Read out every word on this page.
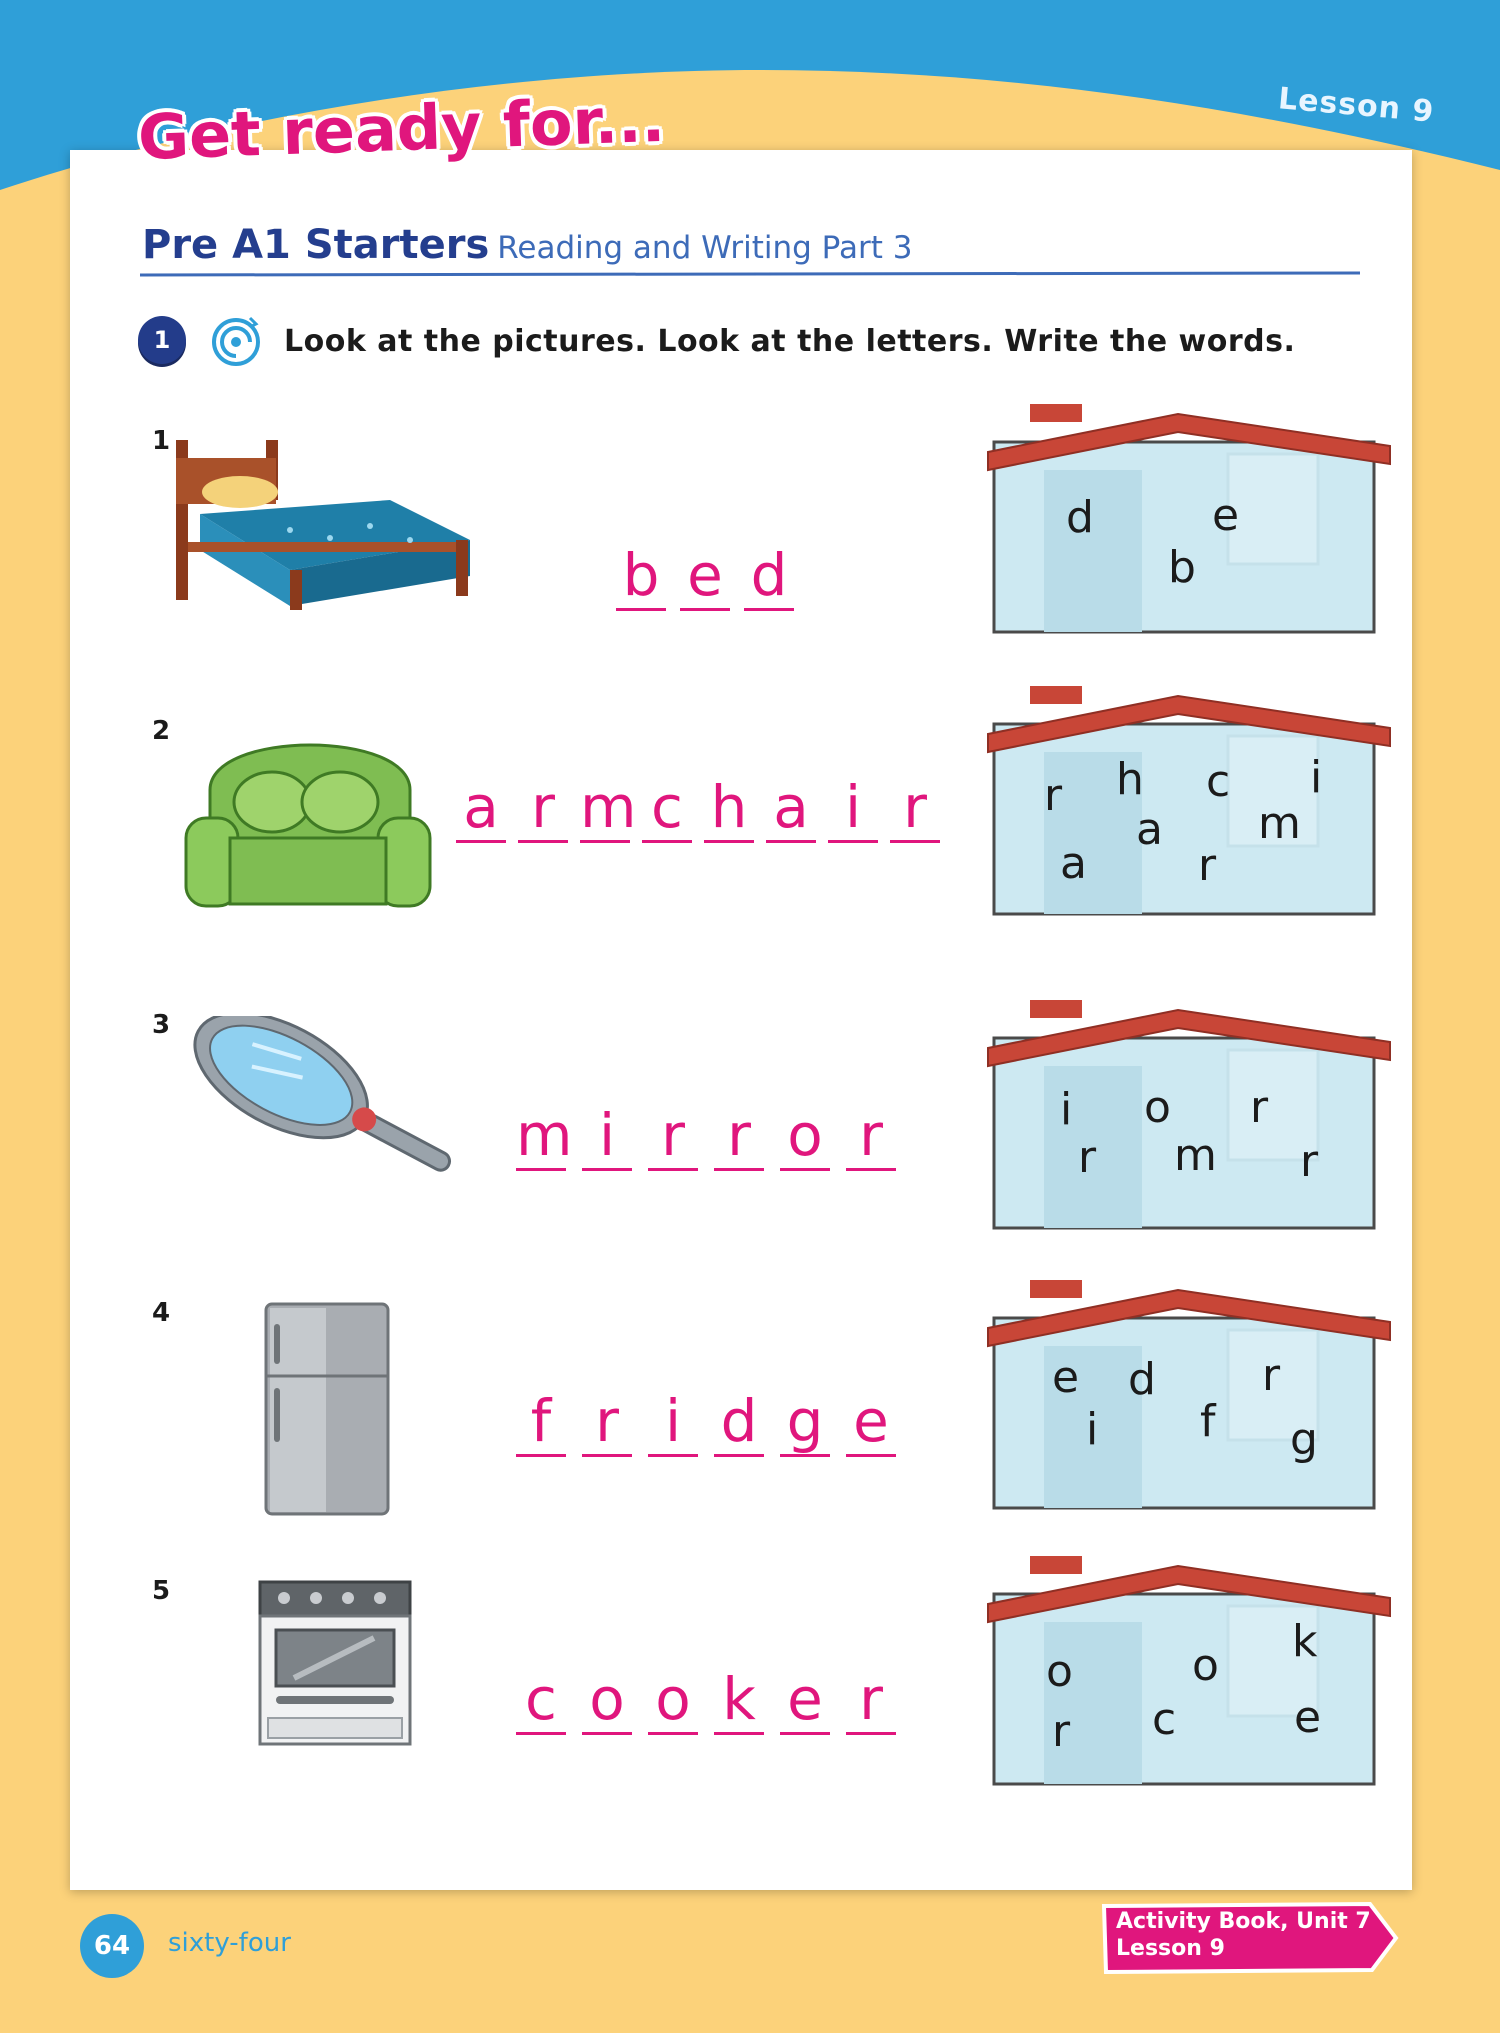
Lesson 9
Get ready for...
Pre A1 Starters Reading and Writing Part 3
1	Look at the pictures. Look at the letters. Write the words.
1
b e d
d	e
b
2
a r m c h a i r	r h c i
a m
a	r
3
m i r r o r	i o r
r m r
4
f r i d g e
e d r
i f g
5
c o o k e r
k
o	o
r c	e
64	sixty-four
Activity Book, Unit 7
Lesson 9
